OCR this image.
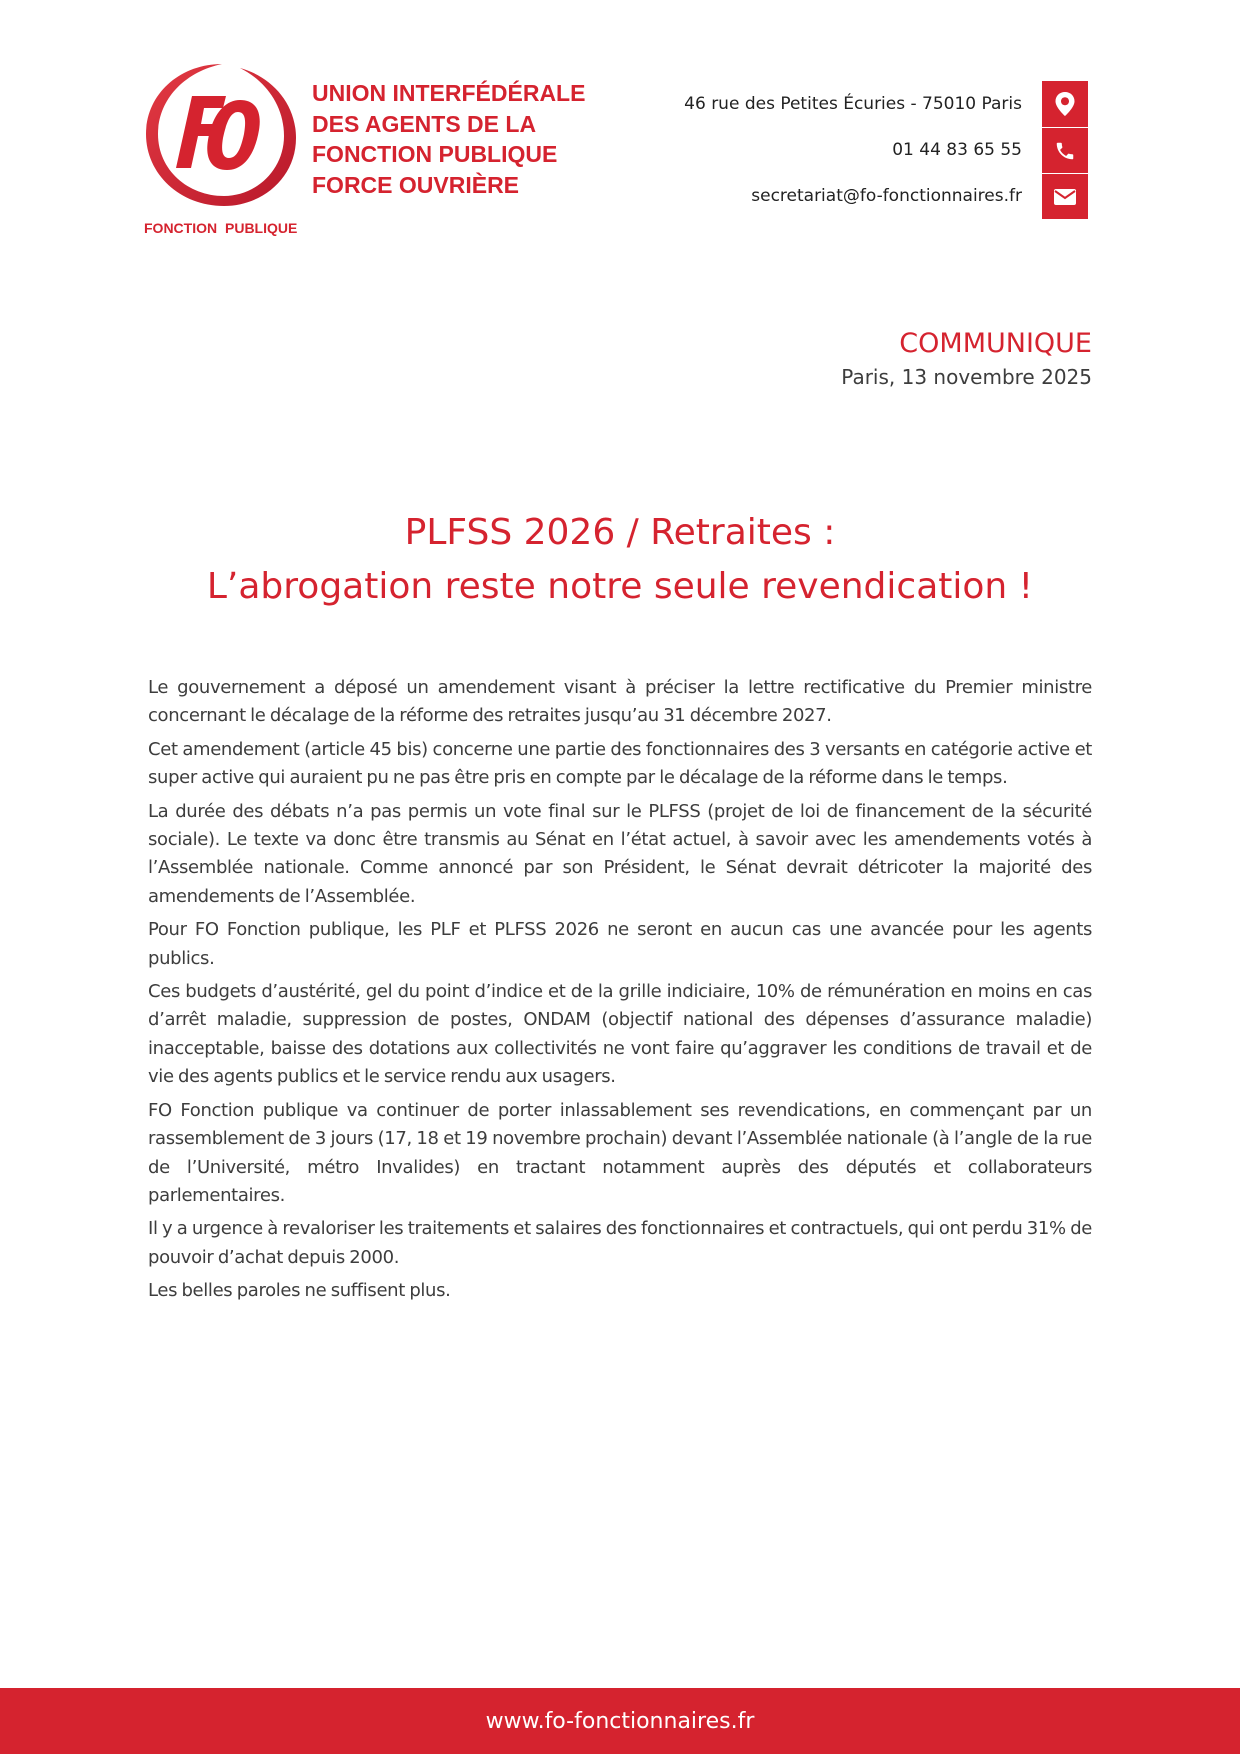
FONCTION PUBLIQUE
UNION INTERFÉDÉRALE
DES AGENTS DE LA
FONCTION PUBLIQUE
FORCE OUVRIÈRE
46 rue des Petites Écuries - 75010 Paris
01 44 83 65 55
secretariat@fo-fonctionnaires.fr
COMMUNIQUE
Paris, 13 novembre 2025
PLFSS 2026 / Retraites :
L’abrogation reste notre seule revendication !

Le gouvernement a déposé un amendement visant à préciser la lettre rectificative du Premier ministre concernant le décalage de la réforme des retraites jusqu’au 31 décembre 2027.

Cet amendement (article 45 bis) concerne une partie des fonctionnaires des 3 versants en catégorie active et super active qui auraient pu ne pas être pris en compte par le décalage de la réforme dans le temps.

La durée des débats n’a pas permis un vote final sur le PLFSS (projet de loi de financement de la sécurité sociale). Le texte va donc être transmis au Sénat en l’état actuel, à savoir avec les amendements votés à l’Assemblée nationale. Comme annoncé par son Président, le Sénat devrait détricoter la majorité des amendements de l’Assemblée.

Pour FO Fonction publique, les PLF et PLFSS 2026 ne seront en aucun cas une avancée pour les agents publics.

Ces budgets d’austérité, gel du point d’indice et de la grille indiciaire, 10% de rémunération en moins en cas d’arrêt maladie, suppression de postes, ONDAM (objectif national des dépenses d’assurance maladie) inacceptable, baisse des dotations aux collectivités ne vont faire qu’aggraver les conditions de travail et de vie des agents publics et le service rendu aux usagers.

FO Fonction publique va continuer de porter inlassablement ses revendications, en commençant par un rassemblement de 3 jours (17, 18 et 19 novembre prochain) devant l’Assemblée nationale (à l’angle de la rue de l’Université, métro Invalides) en tractant notamment auprès des députés et collaborateurs parlementaires.

Il y a urgence à revaloriser les traitements et salaires des fonctionnaires et contractuels, qui ont perdu 31% de pouvoir d’achat depuis 2000.

Les belles paroles ne suffisent plus.

www.fo-fonctionnaires.fr
